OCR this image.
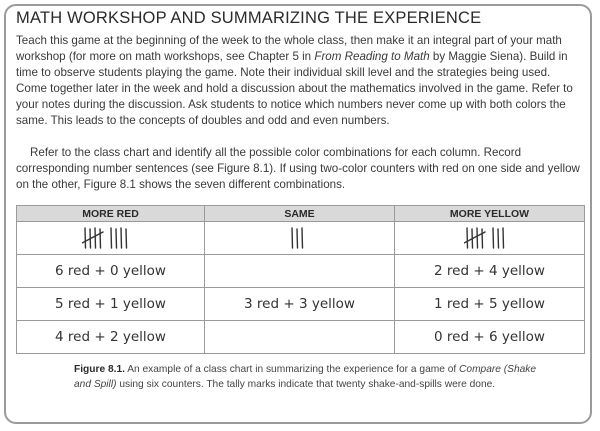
MATH WORKSHOP AND SUMMARIZING THE EXPERIENCE

Teach this game at the beginning of the week to the whole class, then make it an integral part of your math workshop (for more on math workshops, see Chapter 5 in From Reading to Math by Maggie Siena). Build in time to observe students playing the game. Note their individual skill level and the strategies being used. Come together later in the week and hold a discussion about the mathematics involved in the game. Refer to your notes during the discussion. Ask students to notice which numbers never come up with both colors the same. This leads to the concepts of doubles and odd and even numbers.

Refer to the class chart and identify all the possible color combinations for each column. Record corresponding number sentences (see Figure 8.1). If using two-color counters with red on one side and yellow on the other, Figure 8.1 shows the seven different combinations.

MORE RED	SAME	MORE YELLOW

6 red + 0 yellow		2 red + 4 yellow
5 red + 1 yellow	3 red + 3 yellow	1 red + 5 yellow
4 red + 2 yellow		0 red + 6 yellow
Figure 8.1. An example of a class chart in summarizing the experience for a game of Compare (Shake and Spill) using six counters. The tally marks indicate that twenty shake-and-spills were done.
